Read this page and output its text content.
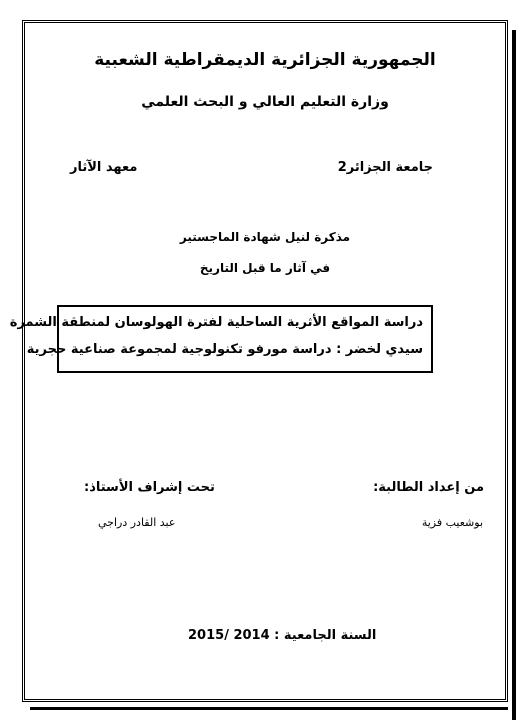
الجمهورية الجزائرية الديمقراطية الشعبية
وزارة التعليم العالي و البحث العلمي
جامعة الجزائر2
معهد الآثار
مذكرة لنيل شهادة الماجستير
في آثار ما قبل التاريخ
دراسة المواقع الأثرية الساحلية لفترة الهولوسان لمنطقة الشمرة
سيدي لخضر : دراسة مورفو تكنولوجية لمجموعة صناعية حجرية
من إعداد الطالبة:
تحت إشراف الأستاذ:
بوشعيب فزية
عبد القادر دراجي
السنة الجامعية : 2014 /2015
